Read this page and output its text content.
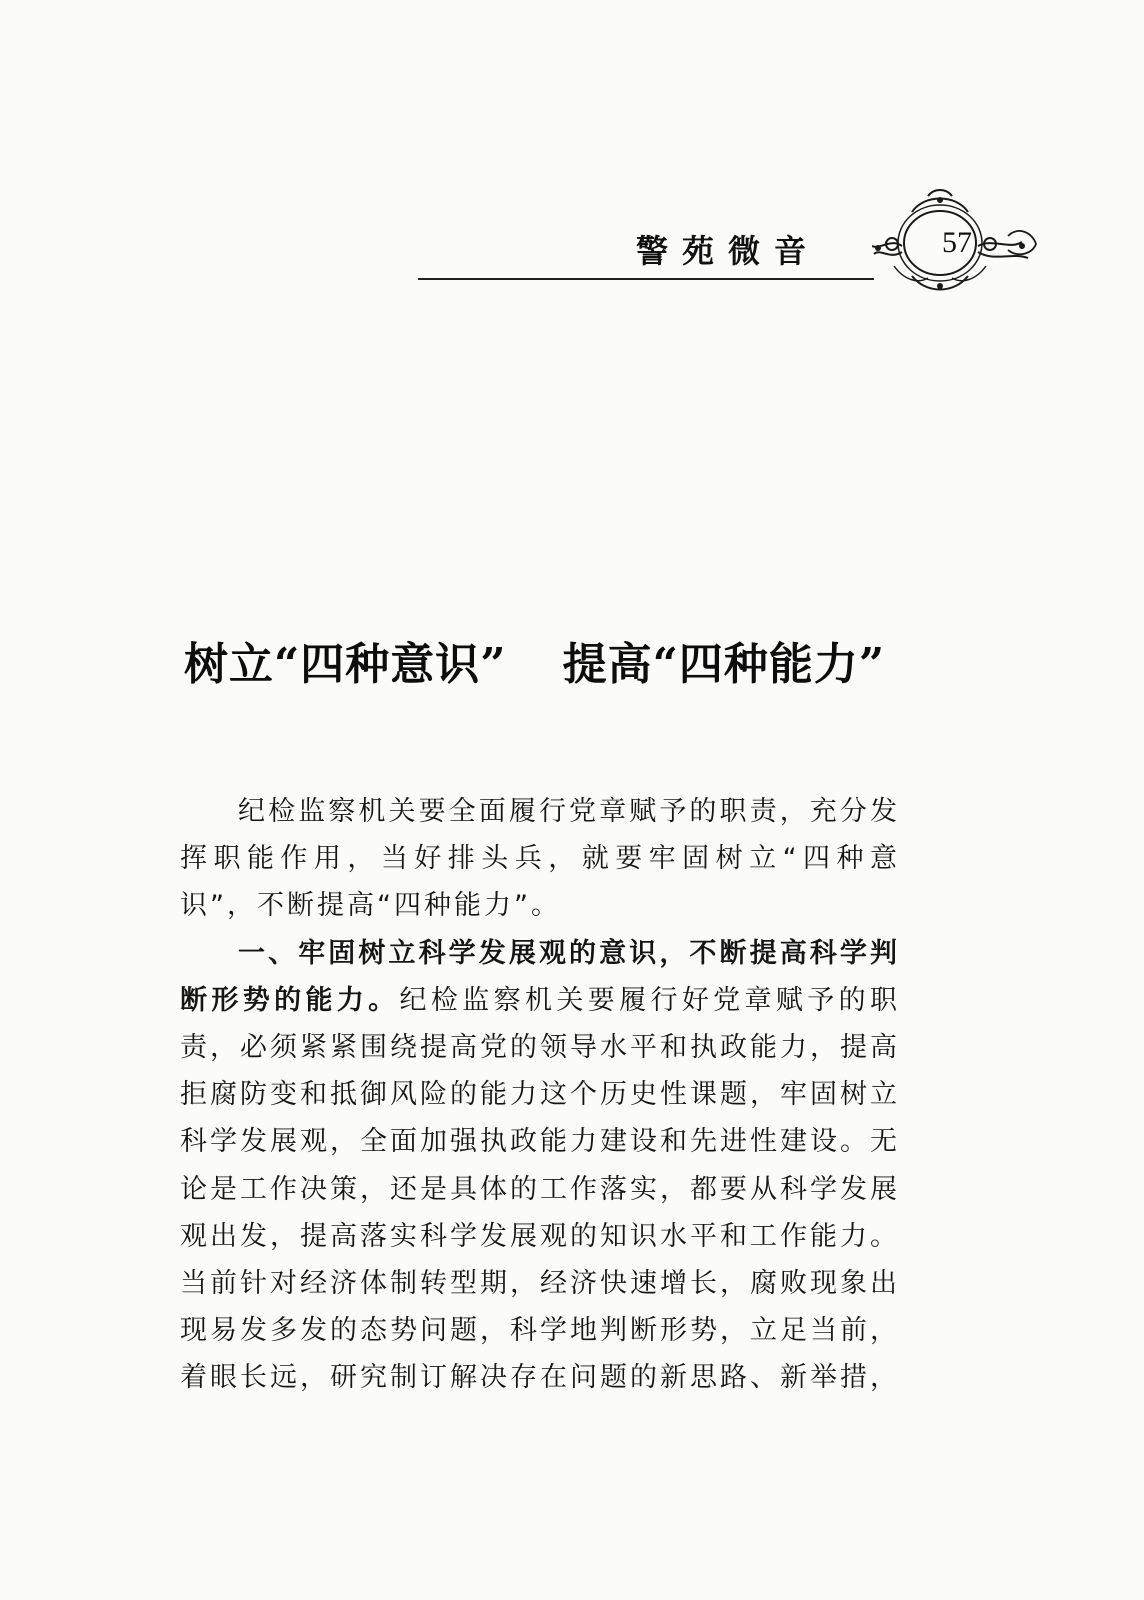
警苑微音	57
树立“四种意识” 提高“四种能力”

纪检监察机关要全面履行党章赋予的职责，充分发挥职能作用，当好排头兵，就要牢固树立“四种意识”，不断提高“四种能力”。

一、牢固树立科学发展观的意识，不断提高科学判断形势的能力。纪检监察机关要履行好党章赋予的职责，必须紧紧围绕提高党的领导水平和执政能力，提高拒腐防变和抵御风险的能力这个历史性课题，牢固树立科学发展观，全面加强执政能力建设和先进性建设。无论是工作决策，还是具体的工作落实，都要从科学发展观出发，提高落实科学发展观的知识水平和工作能力。当前针对经济体制转型期，经济快速增长，腐败现象出现易发多发的态势问题，科学地判断形势，立足当前，着眼长远，研究制订解决存在问题的新思路、新举措，
